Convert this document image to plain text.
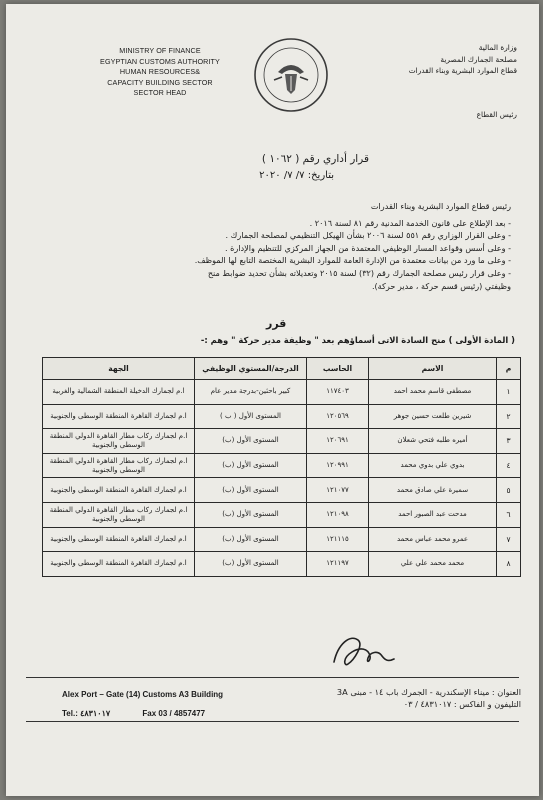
MINISTRY OF FINANCE
EGYPTIAN CUSTOMS AUTHORITY
HUMAN RESOURCES&
CAPACITY BUILDING SECTOR
SECTOR HEAD
وزارة المالية
مصلحة الجمارك المصرية
قطاع الموارد البشرية وبناء القدرات
رئيس القطاع
قرار أداري رقم ( ١٠٦٢ )
بتاريخ: ٧/ ٧/ ٢٠٢٠

رئيس قطاع الموارد البشرية وبناء القدرات

- بعد الإطلاع على قانون الخدمة المدنية رقم ٨١ لسنة ٢٠١٦ .

- وعلى القرار الوزاري رقم ٥٥١ لسنة ٢٠٠٦ بشأن الهيكل التنظيمي لمصلحة الجمارك .

- وعلى أسس وقواعد المسار الوظيفي المعتمدة من الجهاز المركزي للتنظيم والإدارة .

- وعلى ما ورد من بيانات معتمدة من الإدارة العامة للموارد البشرية المختصة التابع لها الموظف.

- وعلى قرار رئيس مصلحة الجمارك رقم (٣٢) لسنة ٢٠١٥ وتعديلاته بشأن تحديد ضوابط منح

وظيفتي (رئيس قسم حركة ، مدير حركة).

قرر
( المادة الأولى ) منح السادة الاتى أسماؤهم بعد " وظيفة مدير حركة " وهم :-
م	الاسم	الحاسب	الدرجة/المستوي الوظيفي	الجهة
١	مصطفى قاسم محمد احمد	١١٧٤٠٣	كبير باحثين-بدرجة مدير عام	ا.م لجمارك الدخيلة المنطقة الشمالية والغربية
٢	شيرين طلعت حسين جوهر	١٢٠٥٦٩	المستوى الأول ( ب )	ا.م لجمارك القاهرة المنطقة الوسطى والجنوبية
٣	أميره طلبه فتحي شعلان	١٢٠٦٩١	المستوى الأول (ب)	ا.م لجمارك ركاب مطار القاهرة الدولي المنطقة الوسطى والجنوبية
٤	بدوي علي بدوي محمد	١٢٠٩٩١	المستوى الأول (ب)	ا.م لجمارك ركاب مطار القاهرة الدولي المنطقة الوسطى والجنوبية
٥	سميرة علي صادق محمد	١٢١٠٧٧	المستوى الأول (ب)	ا.م لجمارك القاهرة المنطقة الوسطى والجنوبية
٦	مدحت عبد الصبور احمد	١٢١٠٩٨	المستوى الأول (ب)	ا.م لجمارك ركاب مطار القاهرة الدولي المنطقة الوسطى والجنوبية
٧	عمرو محمد عباس محمد	١٢١١١٥	المستوى الأول (ب)	ا.م لجمارك القاهرة المنطقة الوسطى والجنوبية
٨	محمد محمد علي علي	١٢١١٩٧	المستوى الأول (ب)	ا.م لجمارك القاهرة المنطقة الوسطى والجنوبية
Alex Port – Gate (14) Customs A3 Building
Tel.: ٤٨٣١٠١٧	Fax 03 / 4857477
العنوان : ميناء الإسكندرية - الجمرك باب ١٤ - مبنى 3A
التليفون و الفاكس : ٤٨٣١٠١٧ / ٠٣
